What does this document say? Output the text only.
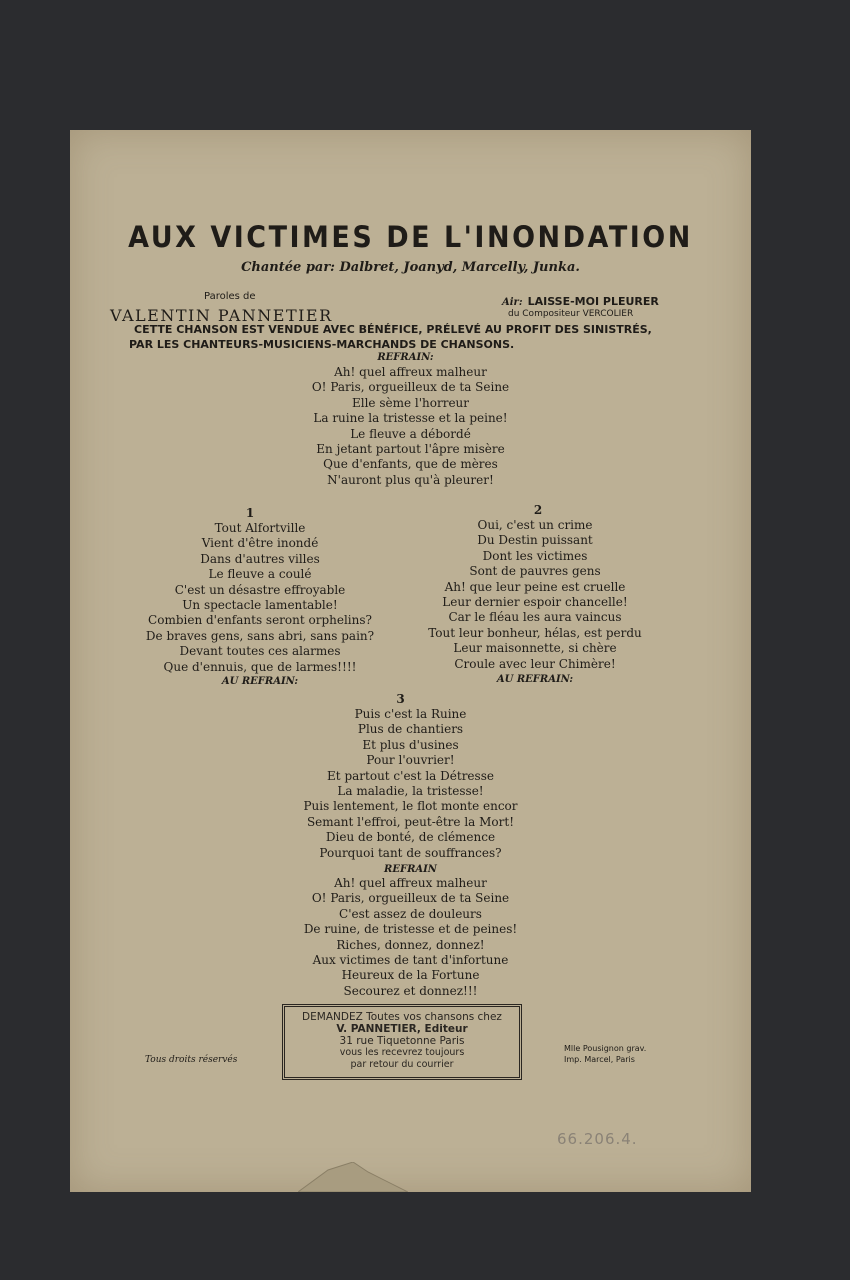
AUX VICTIMES DE L'INONDATION
Chantée par: Dalbret, Joanyd, Marcelly, Junka.
Paroles de
VALENTIN PANNETIER
Air: LAISSE-MOI PLEURER
du Compositeur VERCOLIER
CETTE CHANSON EST VENDUE AVEC BÉNÉFICE, PRÉLEVÉ AU PROFIT DES SINISTRÉS,
PAR LES CHANTEURS-MUSICIENS-MARCHANDS DE CHANSONS.
REFRAIN:
Ah! quel affreux malheur
O! Paris, orgueilleux de ta Seine
Elle sème l'horreur
La ruine la tristesse et la peine!
Le fleuve a débordé
En jetant partout l'âpre misère
Que d'enfants, que de mères
N'auront plus qu'à pleurer!
1
Tout Alfortville
Vient d'être inondé
Dans d'autres villes
Le fleuve a coulé
C'est un désastre effroyable
Un spectacle lamentable!
Combien d'enfants seront orphelins?
De braves gens, sans abri, sans pain?
Devant toutes ces alarmes
Que d'ennuis, que de larmes!!!!
AU REFRAIN:
2
Oui, c'est un crime
Du Destin puissant
Dont les victimes
Sont de pauvres gens
Ah! que leur peine est cruelle
Leur dernier espoir chancelle!
Car le fléau les aura vaincus
Tout leur bonheur, hélas, est perdu
Leur maisonnette, si chère
Croule avec leur Chimère!
AU REFRAIN:
3
Puis c'est la Ruine
Plus de chantiers
Et plus d'usines
Pour l'ouvrier!
Et partout c'est la Détresse
La maladie, la tristesse!
Puis lentement, le flot monte encor
Semant l'effroi, peut-être la Mort!
Dieu de bonté, de clémence
Pourquoi tant de souffrances?
REFRAIN
Ah! quel affreux malheur
O! Paris, orgueilleux de ta Seine
C'est assez de douleurs
De ruine, de tristesse et de peines!
Riches, donnez, donnez!
Aux victimes de tant d'infortune
Heureux de la Fortune
Secourez et donnez!!!
DEMANDEZ Toutes vos chansons chez
V. PANNETIER, Editeur
31 rue Tiquetonne Paris
vous les recevrez toujours
par retour du courrier
Tous droits réservés
Mlle Pousignon grav.
Imp. Marcel, Paris
66.206.4.
